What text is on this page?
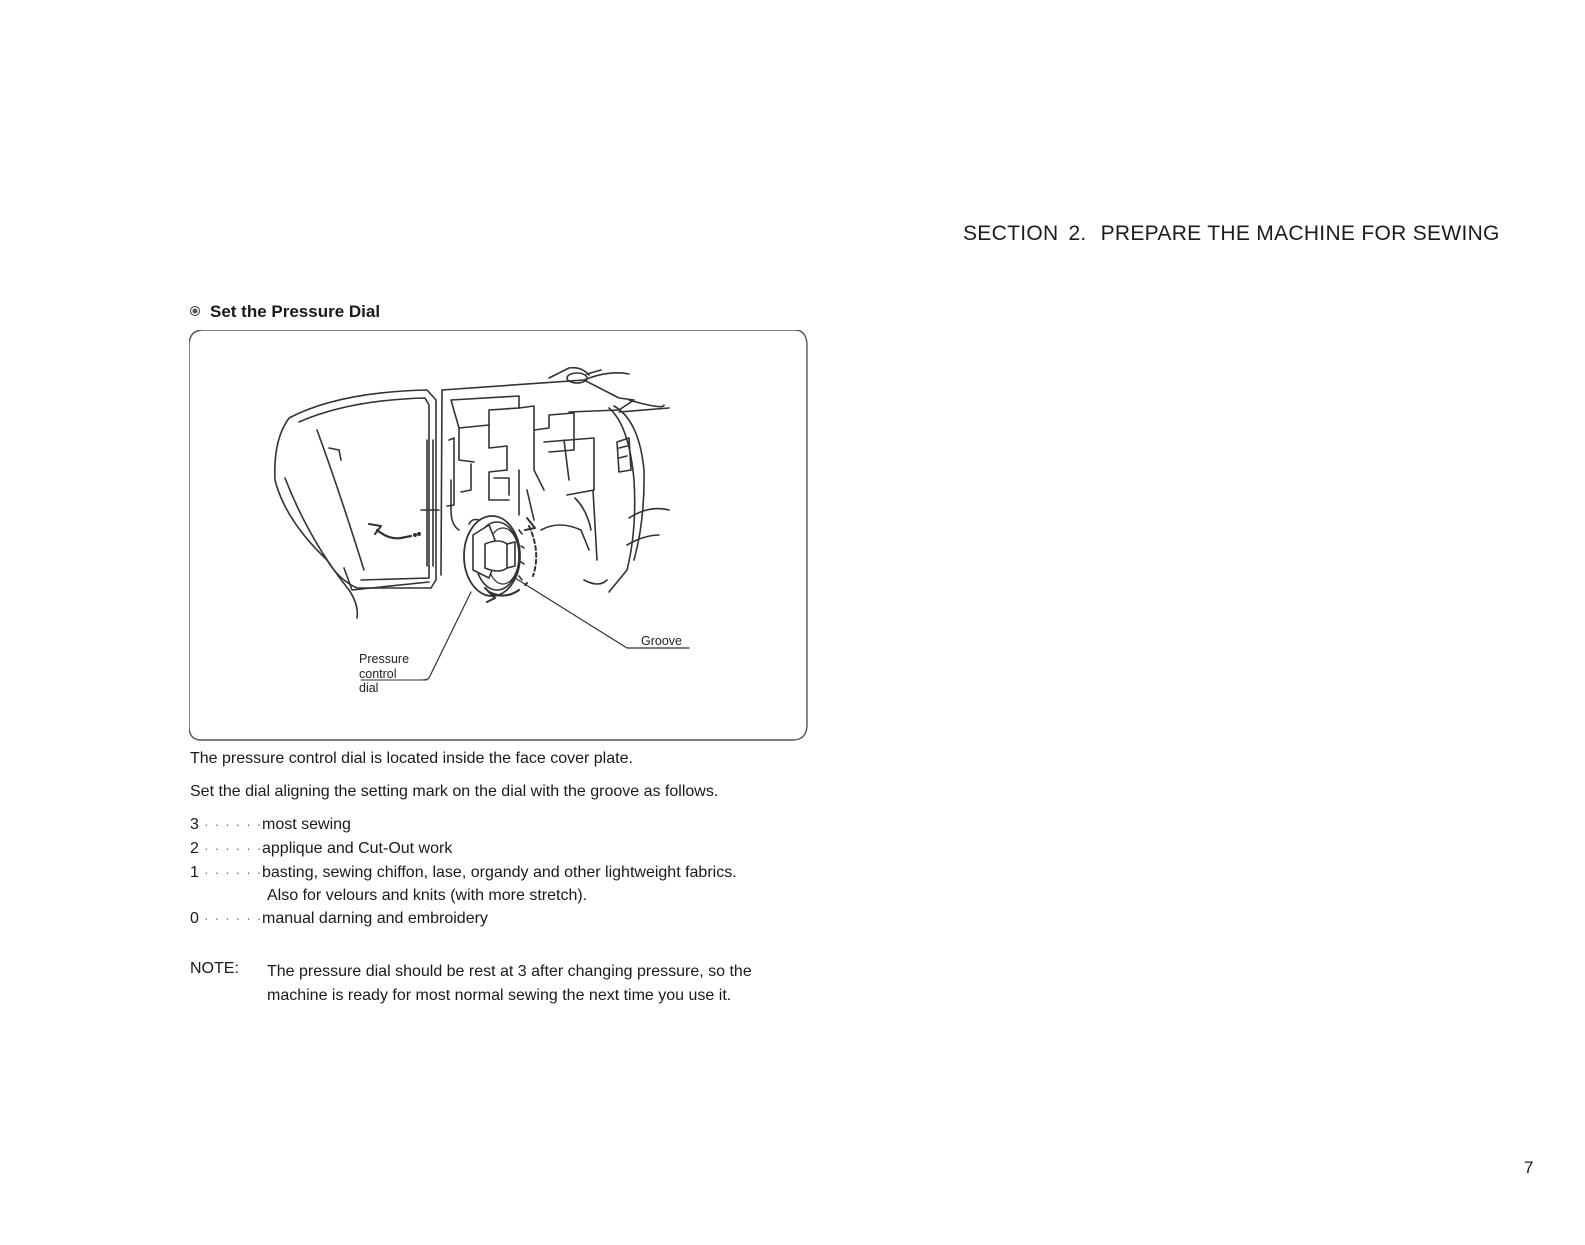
SECTION 2. PREPARE THE MACHINE FOR SEWING
Set the Pressure Dial
Pressure
control
dial
Groove
The pressure control dial is located inside the face cover plate.
Set the dial aligning the setting mark on the dial with the groove as follows.
3 · · · · · ·most sewing
2 · · · · · ·applique and Cut-Out work
1 · · · · · ·basting, sewing chiffon, lase, organdy and other lightweight fabrics.
Also for velours and knits (with more stretch).
0 · · · · · ·manual darning and embroidery
NOTE: The pressure dial should be rest at 3 after changing pressure, so the
machine is ready for most normal sewing the next time you use it.
7
